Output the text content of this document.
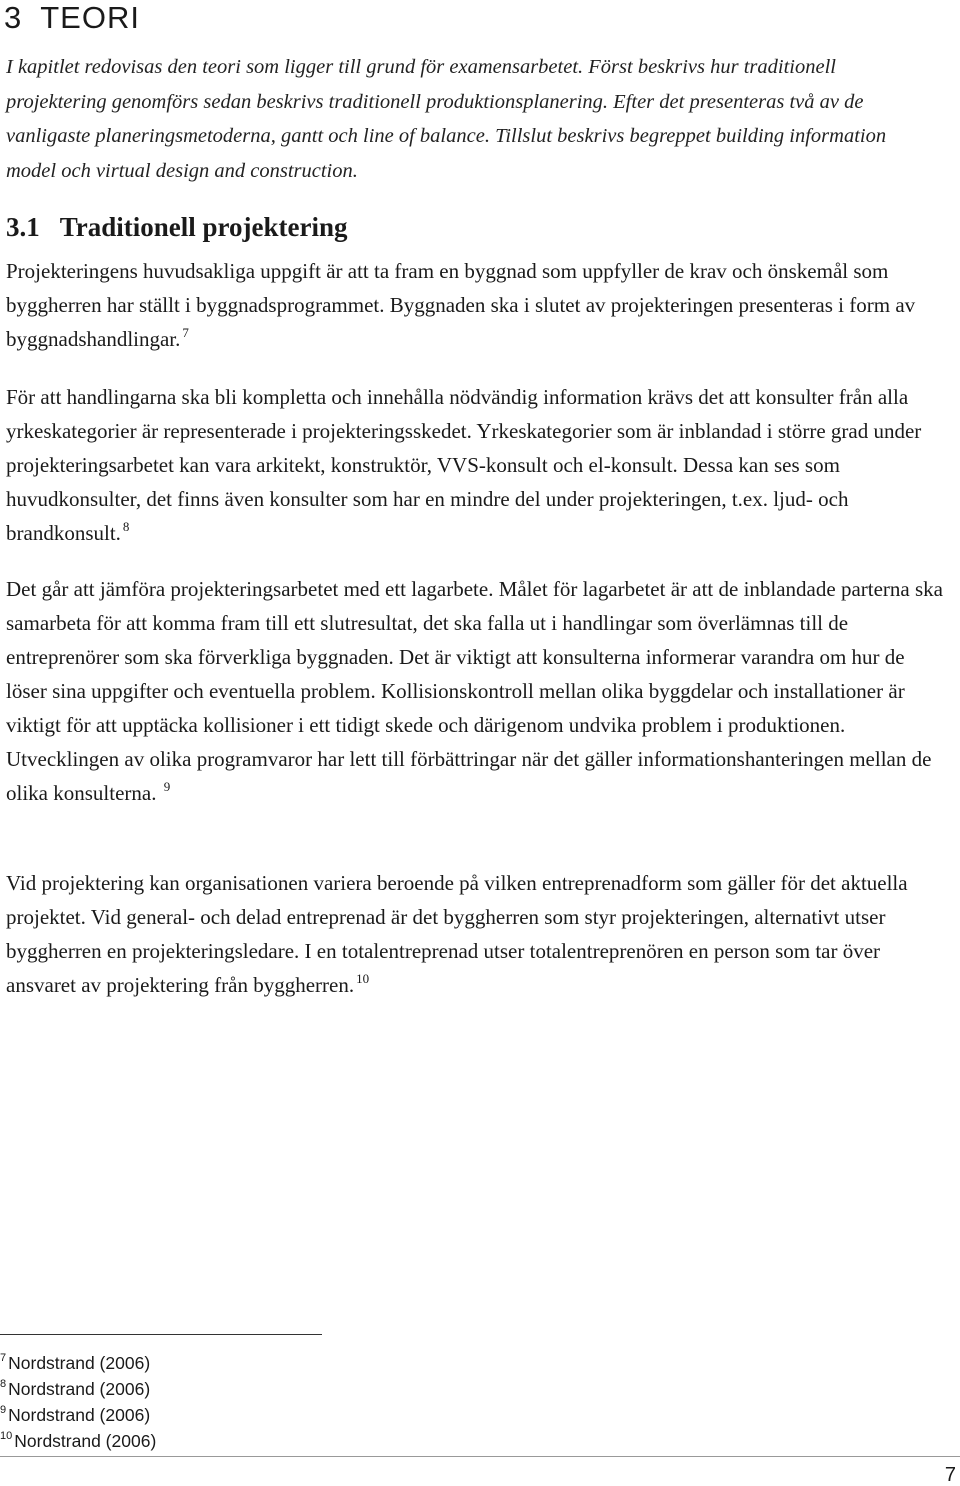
3 TEORI

I kapitlet redovisas den teori som ligger till grund för examensarbetet. Först beskrivs hur traditionell projektering genomförs sedan beskrivs traditionell produktionsplanering. Efter det presenteras två av de vanligaste planeringsmetoderna, gantt och line of balance. Tillslut beskrivs begreppet building information model och virtual design and construction.

3.1 Traditionell projektering

Projekteringens huvudsakliga uppgift är att ta fram en byggnad som uppfyller de krav och önskemål som byggherren har ställt i byggnadsprogrammet. Byggnaden ska i slutet av projekteringen presenteras i form av byggnadshandlingar. $^7$

För att handlingarna ska bli kompletta och innehålla nödvändig information krävs det att konsulter från alla yrkeskategorier är representerade i projekteringsskedet. Yrkeskategorier som är inblandad i större grad under projekteringsarbetet kan vara arkitekt, konstruktör, VVS-konsult och el-konsult. Dessa kan ses som huvudkonsulter, det finns även konsulter som har en mindre del under projekteringen, t.ex. ljud- och brandkonsult. $^8$

Det går att jämföra projekteringsarbetet med ett lagarbete. Målet för lagarbetet är att de inblandade parterna ska samarbeta för att komma fram till ett slutresultat, det ska falla ut i handlingar som överlämnas till de entreprenörer som ska förverkliga byggnaden. Det är viktigt att konsulterna informerar varandra om hur de löser sina uppgifter och eventuella problem. Kollisionskontroll mellan olika byggdelar och installationer är viktigt för att upptäcka kollisioner i ett tidigt skede och därigenom undvika problem i produktionen. Utvecklingen av olika programvaror har lett till förbättringar när det gäller informationshanteringen mellan de olika konsulterna. $^9$

Vid projektering kan organisationen variera beroende på vilken entreprenadform som gäller för det aktuella projektet. Vid general- och delad entreprenad är det byggherren som styr projekteringen, alternativt utser byggherren en projekteringsledare. I en totalentreprenad utser totalentreprenören en person som tar över ansvaret av projektering från byggherren. $^{10}$

$^7$ Nordstrand (2006)
$^8$ Nordstrand (2006)
$^9$ Nordstrand (2006)
$^{10}$ Nordstrand (2006)
7
